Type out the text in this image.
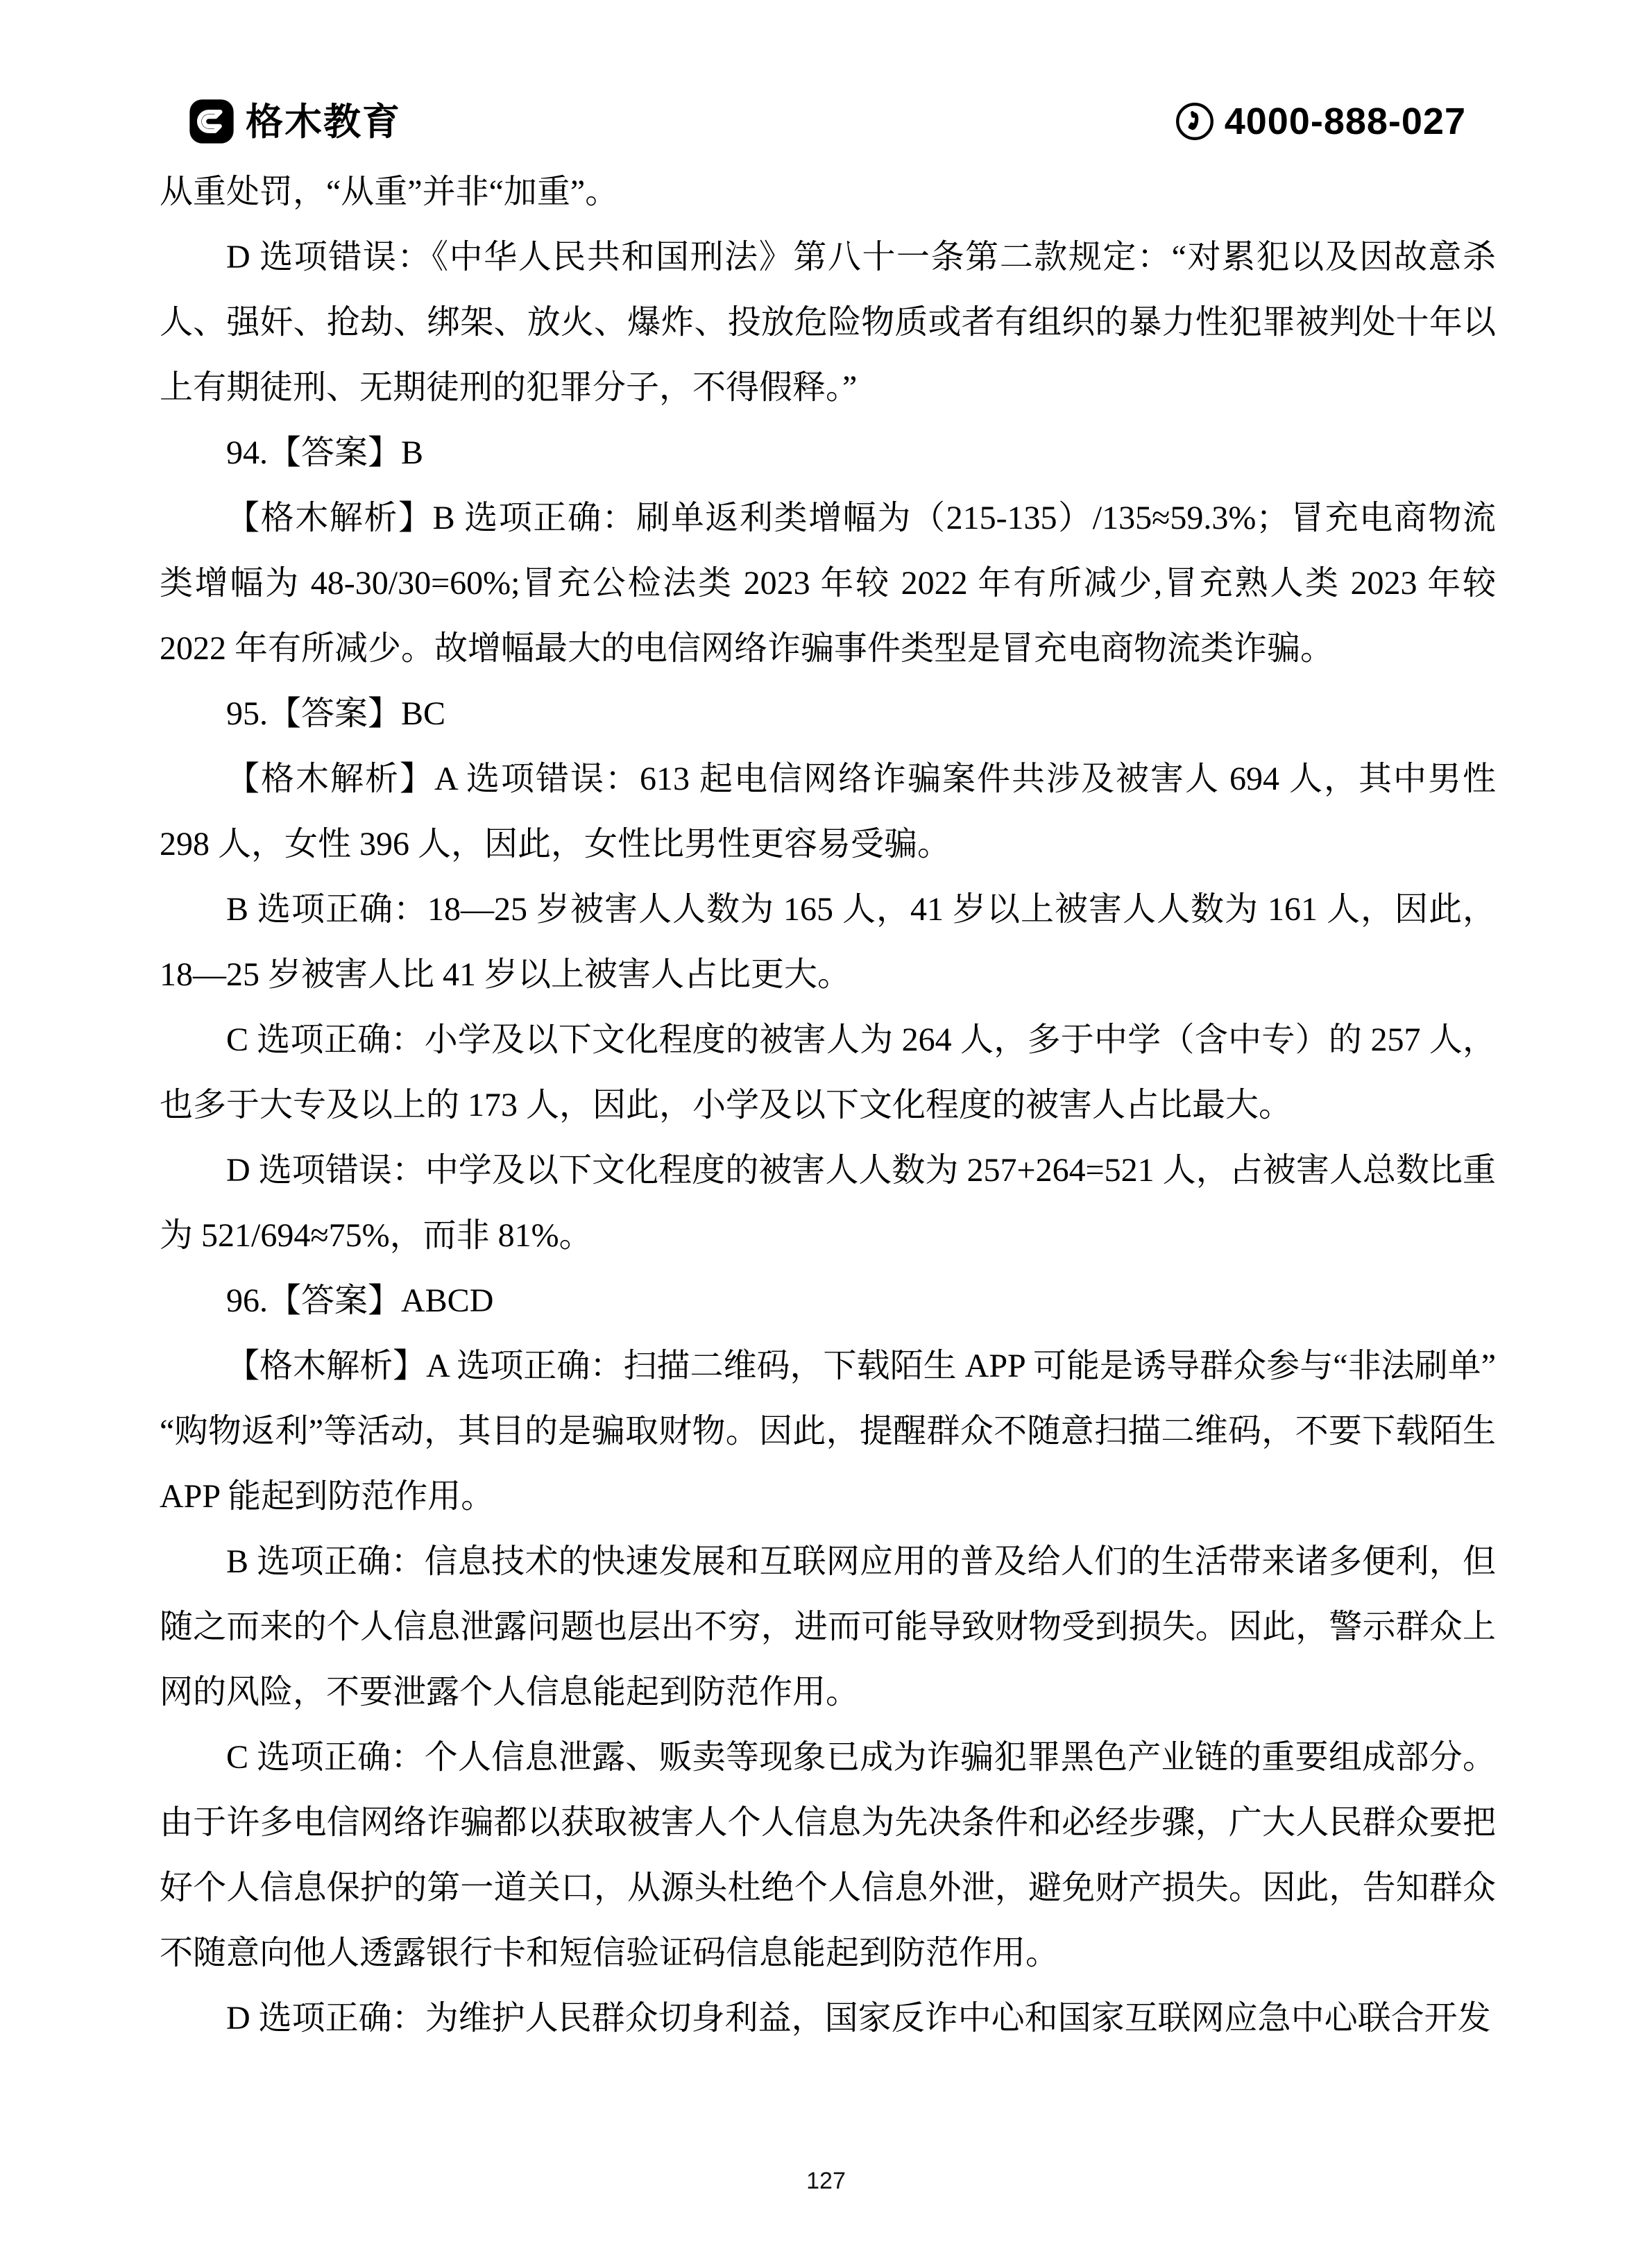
格木教育	4000-888-027

从重处罚，“从重”并非“加重”。

D 选项错误：《中华人民共和国刑法》第八十一条第二款规定：“对累犯以及因故意杀人、强奸、抢劫、绑架、放火、爆炸、投放危险物质或者有组织的暴力性犯罪被判处十年以上有期徒刑、无期徒刑的犯罪分子，不得假释。”

94.【答案】B

【格木解析】B 选项正确：刷单返利类增幅为（215-135）/135≈59.3%；冒充电商物流类增幅为 48-30/30=60%;冒充公检法类 2023 年较 2022 年有所减少,冒充熟人类 2023 年较 2022 年有所减少。故增幅最大的电信网络诈骗事件类型是冒充电商物流类诈骗。

95.【答案】BC

【格木解析】A 选项错误：613 起电信网络诈骗案件共涉及被害人 694 人，其中男性 298 人，女性 396 人，因此，女性比男性更容易受骗。

B 选项正确：18—25 岁被害人人数为 165 人，41 岁以上被害人人数为 161 人，因此，18—25 岁被害人比 41 岁以上被害人占比更大。

C 选项正确：小学及以下文化程度的被害人为 264 人，多于中学（含中专）的 257 人，也多于大专及以上的 173 人，因此，小学及以下文化程度的被害人占比最大。

D 选项错误：中学及以下文化程度的被害人人数为 257+264=521 人，占被害人总数比重为 521/694≈75%，而非 81%。

96.【答案】ABCD

【格木解析】A 选项正确：扫描二维码，下载陌生 APP 可能是诱导群众参与“非法刷单”“购物返利”等活动，其目的是骗取财物。因此，提醒群众不随意扫描二维码，不要下载陌生 APP 能起到防范作用。

B 选项正确：信息技术的快速发展和互联网应用的普及给人们的生活带来诸多便利，但随之而来的个人信息泄露问题也层出不穷，进而可能导致财物受到损失。因此，警示群众上网的风险，不要泄露个人信息能起到防范作用。

C 选项正确：个人信息泄露、贩卖等现象已成为诈骗犯罪黑色产业链的重要组成部分。由于许多电信网络诈骗都以获取被害人个人信息为先决条件和必经步骤，广大人民群众要把好个人信息保护的第一道关口，从源头杜绝个人信息外泄，避免财产损失。因此，告知群众不随意向他人透露银行卡和短信验证码信息能起到防范作用。

D 选项正确：为维护人民群众切身利益，国家反诈中心和国家互联网应急中心联合开发

127
